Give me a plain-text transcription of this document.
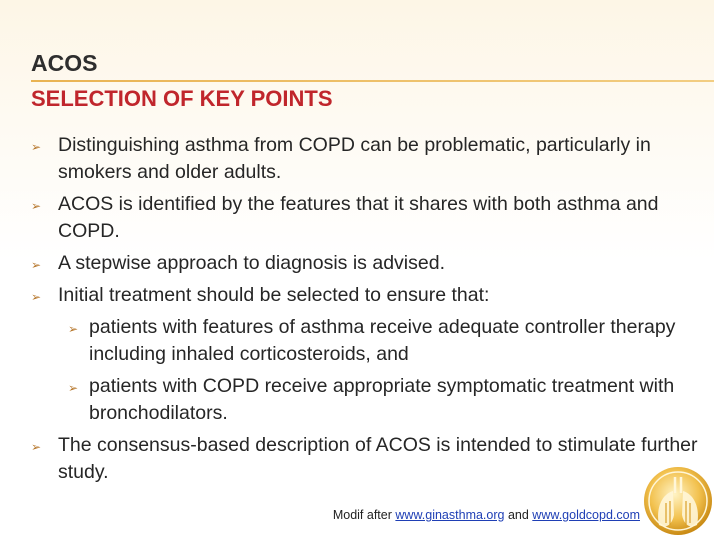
ACOS
SELECTION OF KEY POINTS
➢ Distinguishing asthma from COPD can be problematic, particularly in smokers and older adults.
➢ ACOS is identified by the features that it shares with both asthma and COPD.
➢ A stepwise approach to diagnosis is advised.
➢ Initial treatment should be selected to ensure that:
➢ patients with features of asthma receive adequate controller therapy including inhaled corticosteroids, and
➢ patients with COPD receive appropriate symptomatic treatment with bronchodilators.
➢ The consensus-based description of ACOS is intended to stimulate further study.
Modif after www.ginasthma.org and www.goldcopd.com
